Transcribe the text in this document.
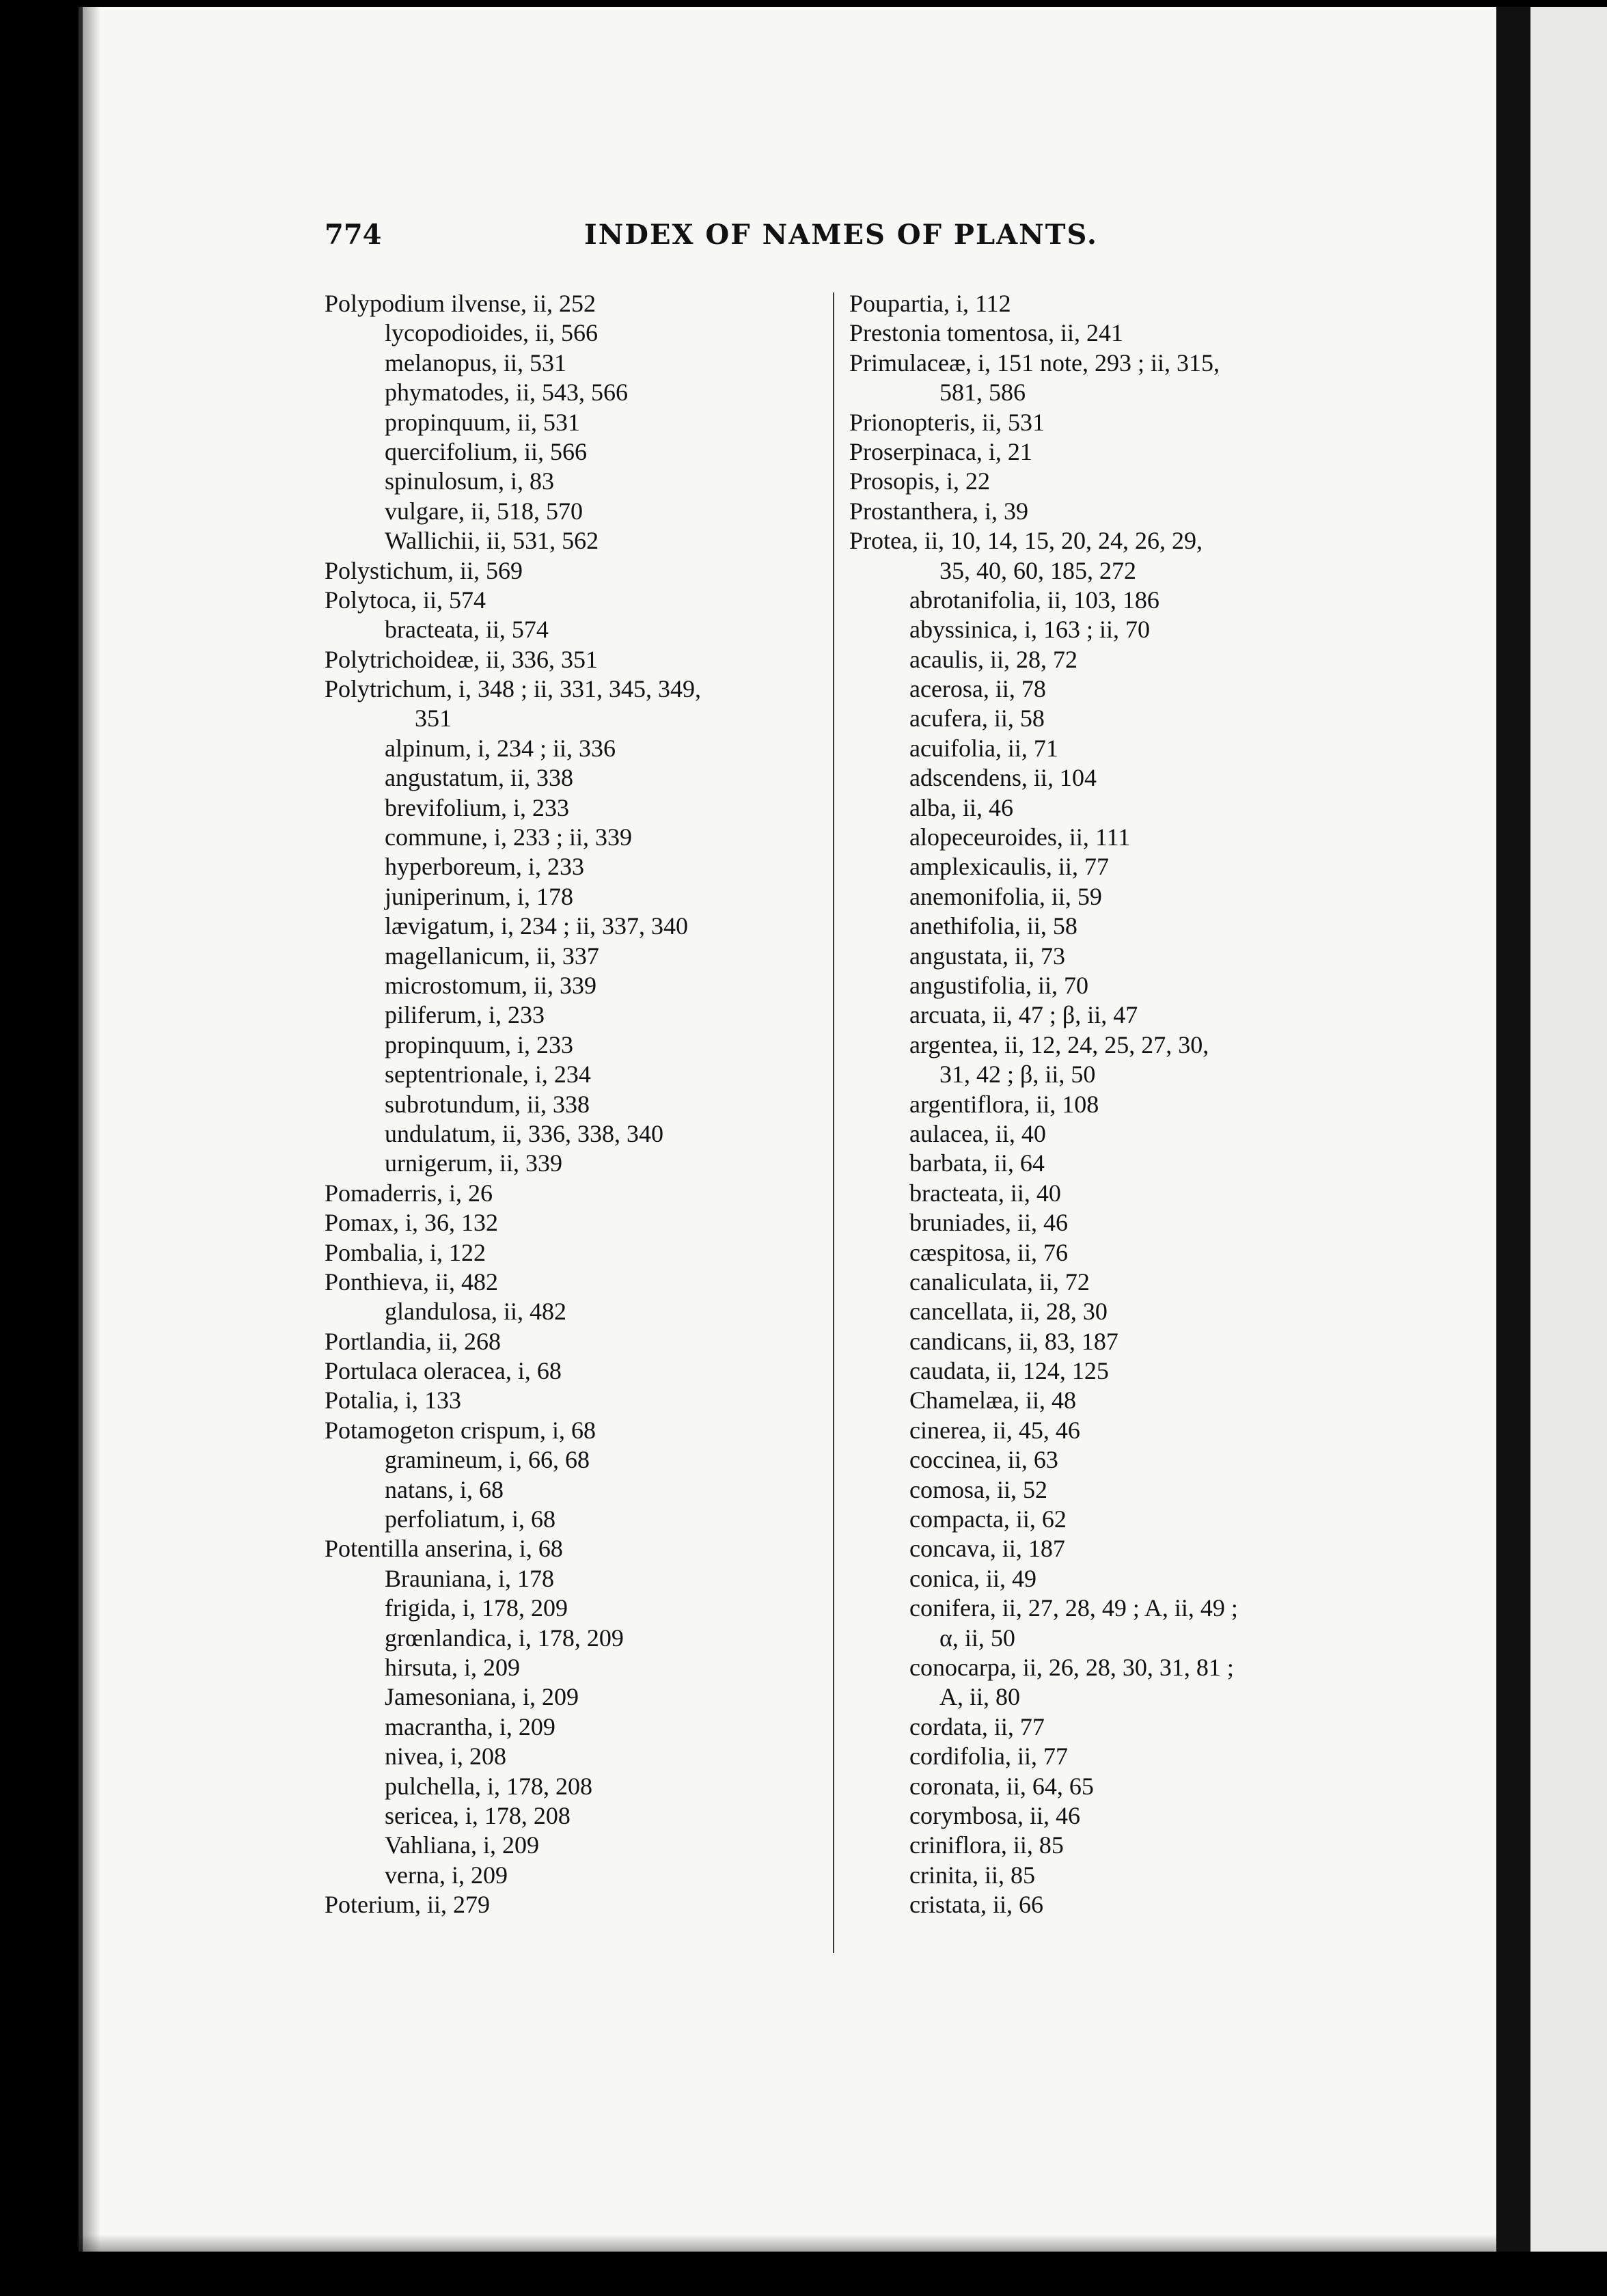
774	INDEX OF NAMES OF PLANTS.
Polypodium ilvense, ii, 252
lycopodioides, ii, 566
melanopus, ii, 531
phymatodes, ii, 543, 566
propinquum, ii, 531
quercifolium, ii, 566
spinulosum, i, 83
vulgare, ii, 518, 570
Wallichii, ii, 531, 562
Polystichum, ii, 569
Polytoca, ii, 574
bracteata, ii, 574
Polytrichoideæ, ii, 336, 351
Polytrichum, i, 348 ; ii, 331, 345, 349,
351
alpinum, i, 234 ; ii, 336
angustatum, ii, 338
brevifolium, i, 233
commune, i, 233 ; ii, 339
hyperboreum, i, 233
juniperinum, i, 178
lævigatum, i, 234 ; ii, 337, 340
magellanicum, ii, 337
microstomum, ii, 339
piliferum, i, 233
propinquum, i, 233
septentrionale, i, 234
subrotundum, ii, 338
undulatum, ii, 336, 338, 340
urnigerum, ii, 339
Pomaderris, i, 26
Pomax, i, 36, 132
Pombalia, i, 122
Ponthieva, ii, 482
glandulosa, ii, 482
Portlandia, ii, 268
Portulaca oleracea, i, 68
Potalia, i, 133
Potamogeton crispum, i, 68
gramineum, i, 66, 68
natans, i, 68
perfoliatum, i, 68
Potentilla anserina, i, 68
Brauniana, i, 178
frigida, i, 178, 209
grœnlandica, i, 178, 209
hirsuta, i, 209
Jamesoniana, i, 209
macrantha, i, 209
nivea, i, 208
pulchella, i, 178, 208
sericea, i, 178, 208
Vahliana, i, 209
verna, i, 209
Poterium, ii, 279
Poupartia, i, 112
Prestonia tomentosa, ii, 241
Primulaceæ, i, 151 note, 293 ; ii, 315,
581, 586
Prionopteris, ii, 531
Proserpinaca, i, 21
Prosopis, i, 22
Prostanthera, i, 39
Protea, ii, 10, 14, 15, 20, 24, 26, 29,
35, 40, 60, 185, 272
abrotanifolia, ii, 103, 186
abyssinica, i, 163 ; ii, 70
acaulis, ii, 28, 72
acerosa, ii, 78
acufera, ii, 58
acuifolia, ii, 71
adscendens, ii, 104
alba, ii, 46
alopeceuroides, ii, 111
amplexicaulis, ii, 77
anemonifolia, ii, 59
anethifolia, ii, 58
angustata, ii, 73
angustifolia, ii, 70
arcuata, ii, 47 ; β, ii, 47
argentea, ii, 12, 24, 25, 27, 30,
31, 42 ; β, ii, 50
argentiflora, ii, 108
aulacea, ii, 40
barbata, ii, 64
bracteata, ii, 40
bruniades, ii, 46
cæspitosa, ii, 76
canaliculata, ii, 72
cancellata, ii, 28, 30
candicans, ii, 83, 187
caudata, ii, 124, 125
Chamelæa, ii, 48
cinerea, ii, 45, 46
coccinea, ii, 63
comosa, ii, 52
compacta, ii, 62
concava, ii, 187
conica, ii, 49
conifera, ii, 27, 28, 49 ; A, ii, 49 ;
α, ii, 50
conocarpa, ii, 26, 28, 30, 31, 81 ;
A, ii, 80
cordata, ii, 77
cordifolia, ii, 77
coronata, ii, 64, 65
corymbosa, ii, 46
criniflora, ii, 85
crinita, ii, 85
cristata, ii, 66
